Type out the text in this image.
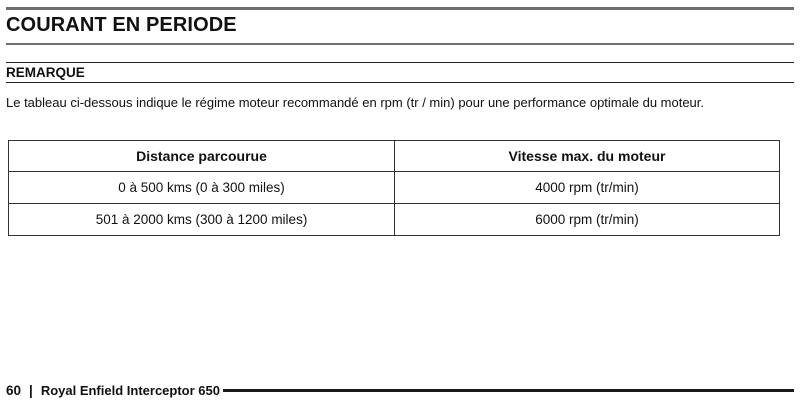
COURANT EN PERIODE
REMARQUE
Le tableau ci-dessous indique le régime moteur recommandé en rpm (tr / min) pour une performance optimale du moteur.
Distance parcourue	Vitesse max. du moteur
0 à 500 kms (0 à 300 miles)	4000 rpm (tr/min)
501 à 2000 kms (300 à 1200 miles)	6000 rpm (tr/min)
60 | Royal Enfield Interceptor 650
